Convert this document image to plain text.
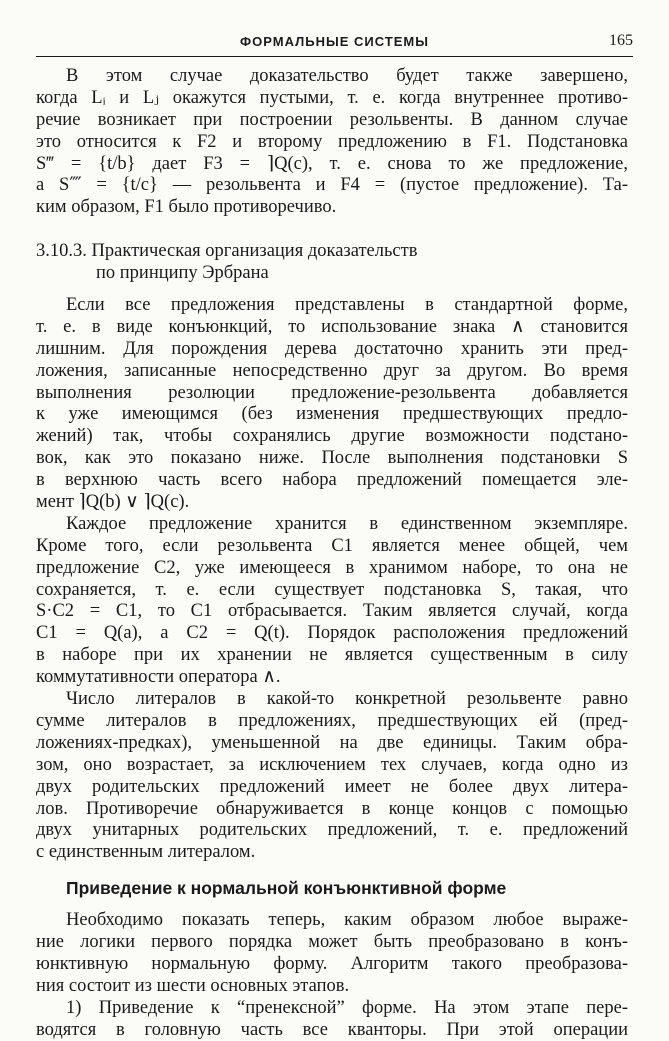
ФОРМАЛЬНЫЕ СИСТЕМЫ	165
В этом случае доказательство будет также завершено,
когда Lᵢ и Lⱼ окажутся пустыми, т. е. когда внутреннее противо-
речие возникает при построении резольвенты. В данном случае
это относится к F2 и второму предложению в F1. Подстановка
S‴ = {t/b} дает F3 = ⌉Q(c), т. е. снова то же предложение,
а S⁗ = {t/c} — резольвента и F4 = (пустое предложение). Та-
ким образом, F1 было противоречиво.
3.10.3. Практическая организация доказательств
по принципу Эрбрана
Если все предложения представлены в стандартной форме,
т. е. в виде конъюнкций, то использование знака ∧ становится
лишним. Для порождения дерева достаточно хранить эти пред-
ложения, записанные непосредственно друг за другом. Во время
выполнения резолюции предложение-резольвента добавляется
к уже имеющимся (без изменения предшествующих предло-
жений) так, чтобы сохранялись другие возможности подстано-
вок, как это показано ниже. После выполнения подстановки S
в верхнюю часть всего набора предложений помещается эле-
мент ⌉Q(b) ∨ ⌉Q(c).
Каждое предложение хранится в единственном экземпляре.
Кроме того, если резольвента C1 является менее общей, чем
предложение C2, уже имеющееся в хранимом наборе, то она не
сохраняется, т. е. если существует подстановка S, такая, что
S·C2 = C1, то C1 отбрасывается. Таким является случай, когда
C1 = Q(a), а C2 = Q(t). Порядок расположения предложений
в наборе при их хранении не является существенным в силу
коммутативности оператора ∧.
Число литералов в какой-то конкретной резольвенте равно
сумме литералов в предложениях, предшествующих ей (пред-
ложениях-предках), уменьшенной на две единицы. Таким обра-
зом, оно возрастает, за исключением тех случаев, когда одно из
двух родительских предложений имеет не более двух литера-
лов. Противоречие обнаруживается в конце концов с помощью
двух унитарных родительских предложений, т. е. предложений
с единственным литералом.
Приведение к нормальной конъюнктивной форме
Необходимо показать теперь, каким образом любое выраже-
ние логики первого порядка может быть преобразовано в конъ-
юнктивную нормальную форму. Алгоритм такого преобразова-
ния состоит из шести основных этапов.
1) Приведение к “пренексной” форме. На этом этапе пере-
водятся в головную часть все кванторы. При этой операции
